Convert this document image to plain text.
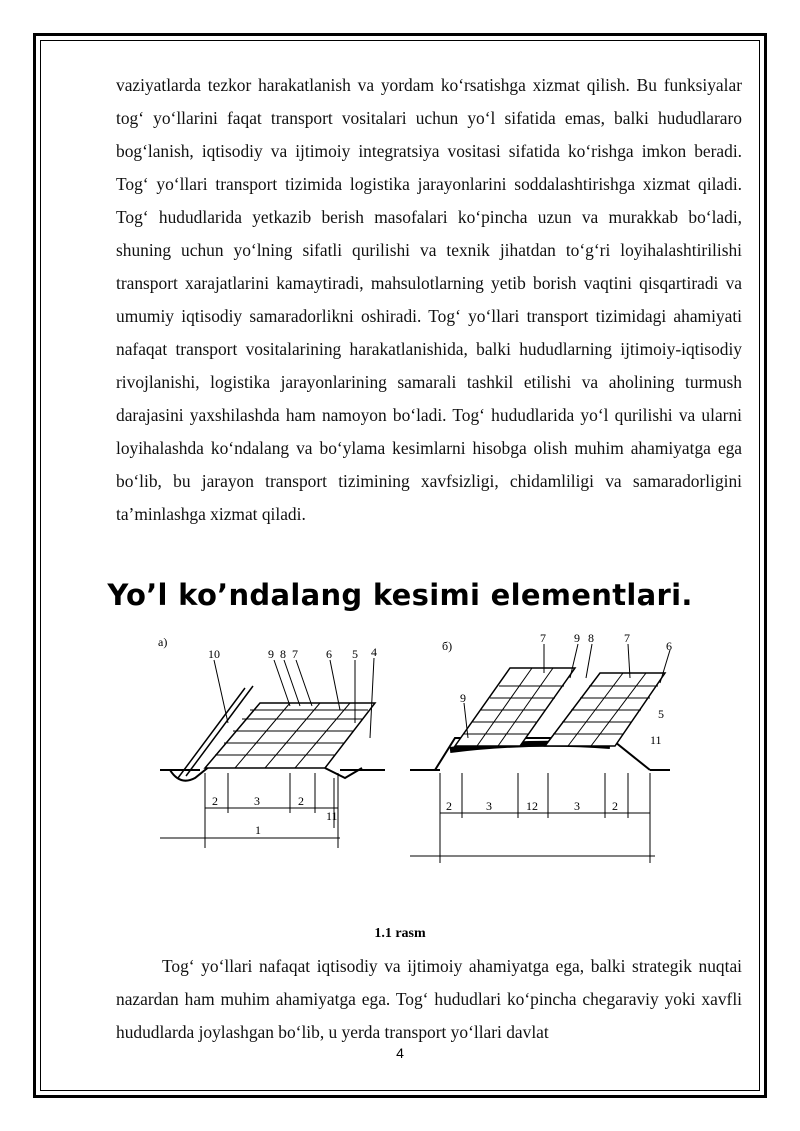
vaziyatlarda tezkor harakatlanish va yordam ko‘rsatishga xizmat qilish. Bu funksiyalar tog‘ yo‘llarini faqat transport vositalari uchun yo‘l sifatida emas, balki hududlararo bog‘lanish, iqtisodiy va ijtimoiy integratsiya vositasi sifatida ko‘rishga imkon beradi. Tog‘ yo‘llari transport tizimida logistika jarayonlarini soddalashtirishga xizmat qiladi. Tog‘ hududlarida yetkazib berish masofalari ko‘pincha uzun va murakkab bo‘ladi, shuning uchun yo‘lning sifatli qurilishi va texnik jihatdan to‘g‘ri loyihalashtirilishi transport xarajatlarini kamaytiradi, mahsulotlarning yetib borish vaqtini qisqartiradi va umumiy iqtisodiy samaradorlikni oshiradi. Tog‘ yo‘llari transport tizimidagi ahamiyati nafaqat transport vositalarining harakatlanishida, balki hududlarning ijtimoiy-iqtisodiy rivojlanishi, logistika jarayonlarining samarali tashkil etilishi va aholining turmush darajasini yaxshilashda ham namoyon bo‘ladi. Tog‘ hududlarida yo‘l qurilishi va ularni loyihalashda ko‘ndalang va bo‘ylama kesimlarni hisobga olish muhim ahamiyatga ega bo‘lib, bu jarayon transport tizimining xavfsizligi, chidamliligi va samaradorligini ta’minlashga xizmat qiladi.

Yo’l ko’ndalang kesimi elementlari.
а)
10	9 8 7 6 5 4
2	3	2
11
1
б)
7 9 8	7
6
9
5
11
2	3	12	3	2
1.1 rasm

Tog‘ yo‘llari nafaqat iqtisodiy va ijtimoiy ahamiyatga ega, balki strategik nuqtai nazardan ham muhim ahamiyatga ega. Tog‘ hududlari ko‘pincha chegaraviy yoki xavfli hududlarda joylashgan bo‘lib, u yerda transport yo‘llari davlat

4
